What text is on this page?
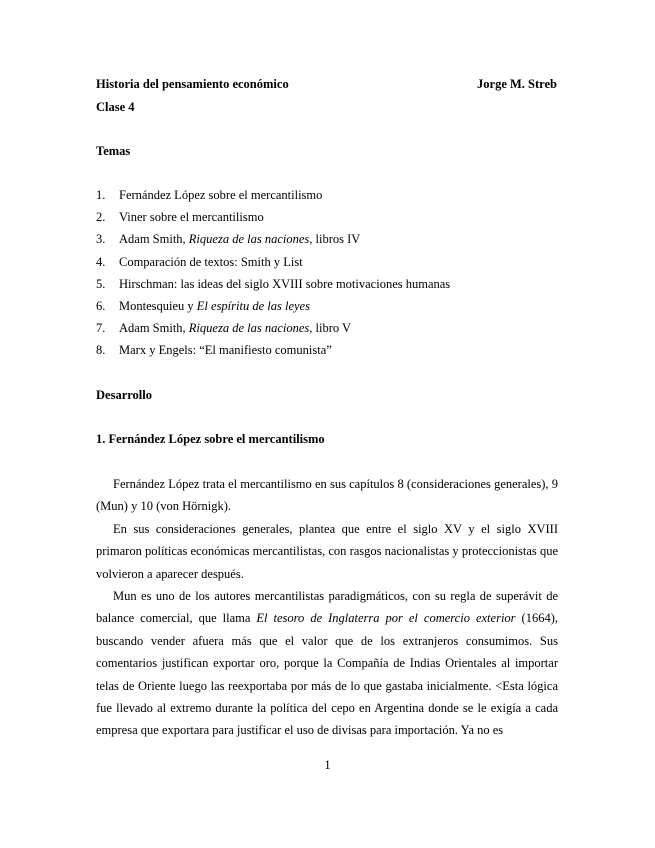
Historia del pensamiento económico	Jorge M. Streb
Clase 4
Temas
1. Fernández López sobre el mercantilismo
2. Viner sobre el mercantilismo
3. Adam Smith, Riqueza de las naciones, libros IV
4. Comparación de textos: Smith y List
5. Hirschman: las ideas del siglo XVIII sobre motivaciones humanas
6. Montesquieu y El espíritu de las leyes
7. Adam Smith, Riqueza de las naciones, libro V
8. Marx y Engels: “El manifiesto comunista”
Desarrollo
1. Fernández López sobre el mercantilismo

Fernández López trata el mercantilismo en sus capítulos 8 (consideraciones generales), 9 (Mun) y 10 (von Hörnigk).

En sus consideraciones generales, plantea que entre el siglo XV y el siglo XVIII primaron políticas económicas mercantilistas, con rasgos nacionalistas y proteccionistas que volvieron a aparecer después.

Mun es uno de los autores mercantilistas paradigmáticos, con su regla de superávit de balance comercial, que llama El tesoro de Inglaterra por el comercio exterior (1664), buscando vender afuera más que el valor que de los extranjeros consumimos. Sus comentarios justifican exportar oro, porque la Compañía de Indias Orientales al importar telas de Oriente luego las reexportaba por más de lo que gastaba inicialmente. <Esta lógica fue llevado al extremo durante la política del cepo en Argentina donde se le exigía a cada empresa que exportara para justificar el uso de divisas para importación. Ya no es

1
